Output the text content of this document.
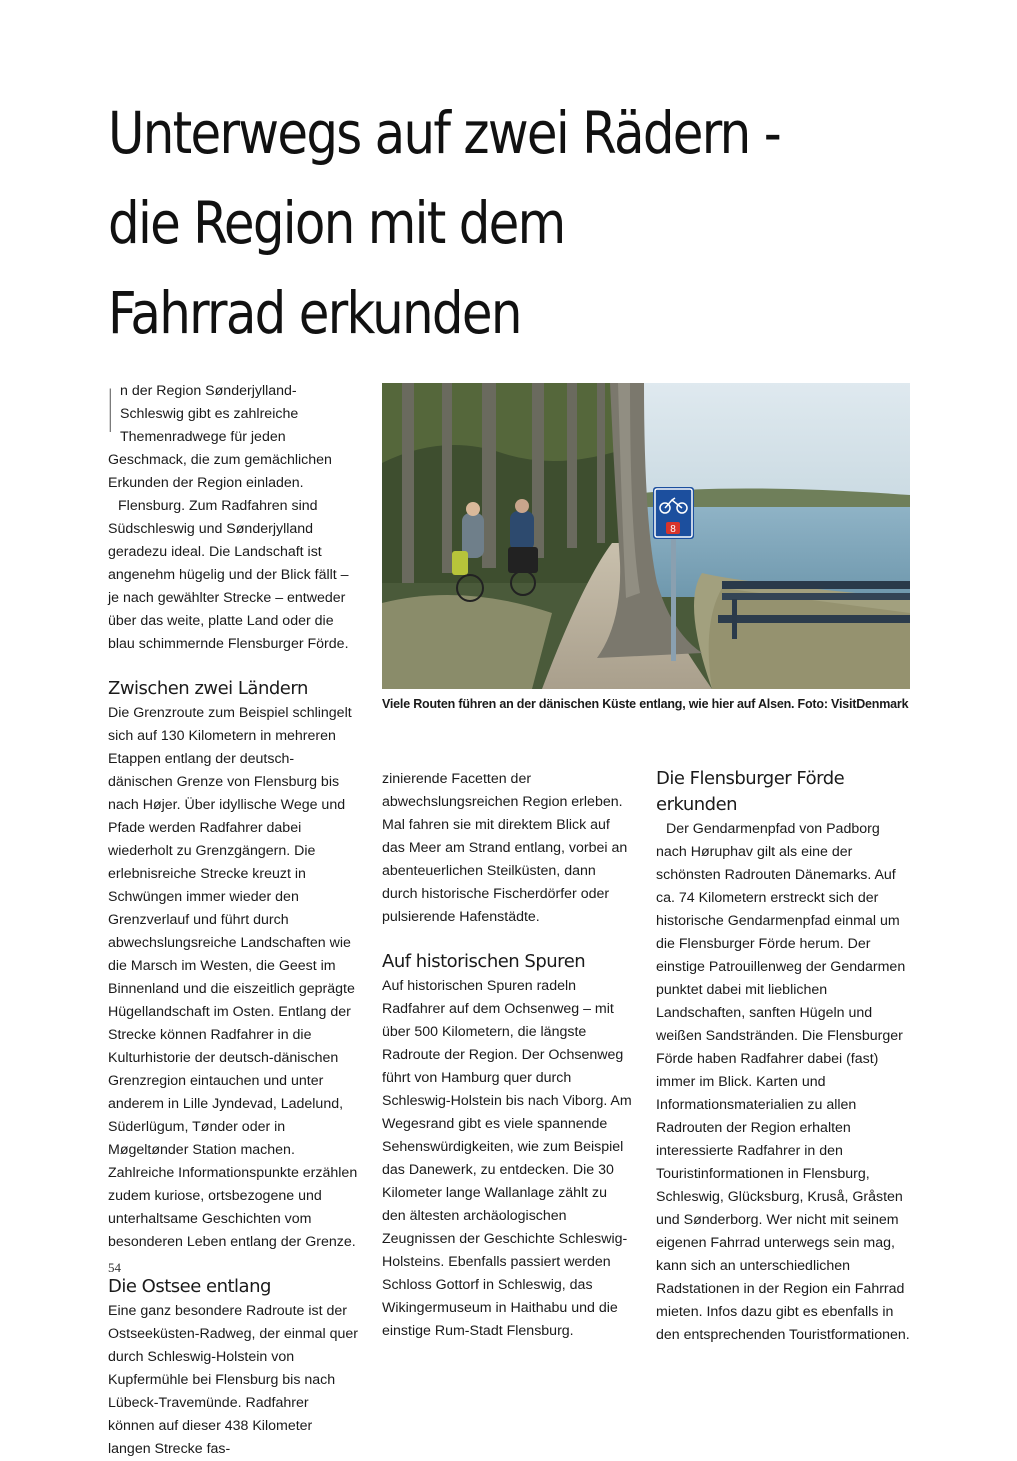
Unterwegs auf zwei Rädern -
die Region mit dem
Fahrrad erkunden

In der Region Sønderjylland-Schleswig gibt es zahlreiche Themenradwege für jeden Geschmack, die zum gemächlichen Erkunden der Region einladen.

Flensburg. Zum Radfahren sind Südschleswig und Sønderjylland geradezu ideal. Die Landschaft ist angenehm hügelig und der Blick fällt – je nach gewählter Strecke – entweder über das weite, platte Land oder die blau schimmernde Flensburger Förde.

Zwischen zwei Ländern

Die Grenzroute zum Beispiel schlingelt sich auf 130 Kilometern in mehreren Etappen entlang der deutsch-dänischen Grenze von Flensburg bis nach Højer. Über idyllische Wege und Pfade werden Radfahrer dabei wiederholt zu Grenzgängern. Die erlebnisreiche Strecke kreuzt in Schwüngen immer wieder den Grenzverlauf und führt durch abwechslungsreiche Landschaften wie die Marsch im Westen, die Geest im Binnenland und die eiszeitlich geprägte Hügellandschaft im Osten. Entlang der Strecke können Radfahrer in die Kulturhistorie der deutsch-dänischen Grenzregion eintauchen und unter anderem in Lille Jyndevad, Ladelund, Süderlügum, Tønder oder in Møgeltønder Station machen. Zahlreiche Informationspunkte erzählen zudem kuriose, ortsbezogene und unterhaltsame Geschichten vom besonderen Leben entlang der Grenze.

Die Ostsee entlang

Eine ganz besondere Radroute ist der Ostseeküsten-Radweg, der einmal quer durch Schleswig-Holstein von Kupfermühle bei Flensburg bis nach Lübeck-Travemünde. Radfahrer können auf dieser 438 Kilometer langen Strecke fas-

8
Viele Routen führen an der dänischen Küste entlang, wie hier auf Alsen. Foto: VisitDenmark

zinierende Facetten der abwechslungsreichen Region erleben. Mal fahren sie mit direktem Blick auf das Meer am Strand entlang, vorbei an abenteuerlichen Steilküsten, dann durch historische Fischerdörfer oder pulsierende Hafenstädte.

Auf historischen Spuren

Auf historischen Spuren radeln Radfahrer auf dem Ochsenweg – mit über 500 Kilometern, die längste Radroute der Region. Der Ochsenweg führt von Hamburg quer durch Schleswig-Holstein bis nach Viborg. Am Wegesrand gibt es viele spannende Sehenswürdigkeiten, wie zum Beispiel das Danewerk, zu entdecken. Die 30 Kilometer lange Wallanlage zählt zu den ältesten archäologischen Zeugnissen der Geschichte Schleswig-Holsteins. Ebenfalls passiert werden Schloss Gottorf in Schleswig, das Wikingermuseum in Haithabu und die einstige Rum-Stadt Flensburg.

Die Flensburger Förde erkunden

Der Gendarmenpfad von Padborg nach Høruphav gilt als eine der schönsten Radrouten Dänemarks. Auf ca. 74 Kilometern erstreckt sich der historische Gendarmenpfad einmal um die Flensburger Förde herum. Der einstige Patrouillenweg der Gendarmen punktet dabei mit lieblichen Landschaften, sanften Hügeln und weißen Sandstränden. Die Flensburger Förde haben Radfahrer dabei (fast) immer im Blick. Karten und Informationsmaterialien zu allen Radrouten der Region erhalten interessierte Radfahrer in den Touristinformationen in Flensburg, Schleswig, Glücksburg, Kruså, Gråsten und Sønderborg. Wer nicht mit seinem eigenen Fahrrad unterwegs sein mag, kann sich an unterschiedlichen Radstationen in der Region ein Fahrrad mieten. Infos dazu gibt es ebenfalls in den entsprechenden Touristformationen.

54
